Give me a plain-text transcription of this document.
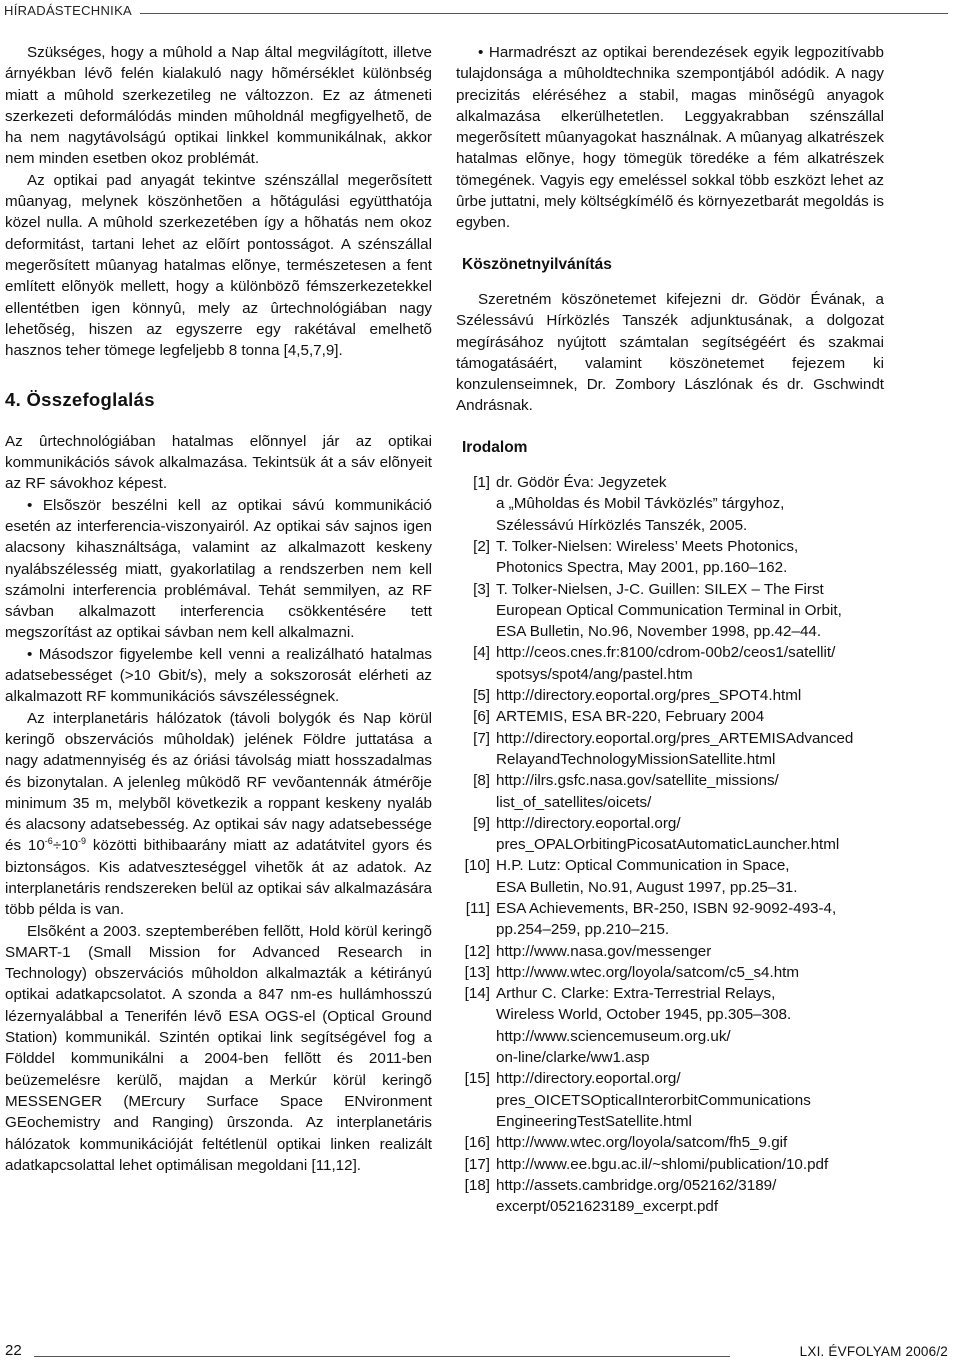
HÍRADÁSTECHNIKA

Szükséges, hogy a mûhold a Nap által megvilágított, illetve árnyékban lévõ felén kialakuló nagy hõmérséklet különbség miatt a mûhold szerkezetileg ne változzon. Ez az átmeneti szerkezeti deformálódás minden mûholdnál megfigyelhetõ, de ha nem nagytávolságú optikai linkkel kommunikálnak, akkor nem minden esetben okoz problémát.

Az optikai pad anyagát tekintve szénszállal megerõsített mûanyag, melynek köszönhetõen a hõtágulási együtthatója közel nulla. A mûhold szerkezetében így a hõhatás nem okoz deformitást, tartani lehet az elõírt pontosságot. A szénszállal megerõsített mûanyag hatalmas elõnye, természetesen a fent említett elõnyök mellett, hogy a különbözõ fémszerkezetekkel ellentétben igen könnyû, mely az ûrtechnológiában nagy lehetõség, hiszen az egyszerre egy rakétával emelhetõ hasznos teher tömege legfeljebb 8 tonna [4,5,7,9].

4. Összefoglalás

Az ûrtechnológiában hatalmas elõnnyel jár az optikai kommunikációs sávok alkalmazása. Tekintsük át a sáv elõnyeit az RF sávokhoz képest.

• Elsõször beszélni kell az optikai sávú kommunikáció esetén az interferencia-viszonyairól. Az optikai sáv sajnos igen alacsony kihasználtsága, valamint az alkalmazott keskeny nyalábszélesség miatt, gyakorlatilag a rendszerben nem kell számolni interferencia problémával. Tehát semmilyen, az RF sávban alkalmazott interferencia csökkentésére tett megszorítást az optikai sávban nem kell alkalmazni.

• Másodszor figyelembe kell venni a realizálható hatalmas adatsebességet (>10 Gbit/s), mely a sokszorosát elérheti az alkalmazott RF kommunikációs sávszélességnek.

Az interplanetáris hálózatok (távoli bolygók és Nap körül keringõ obszervációs mûholdak) jelének Földre juttatása a nagy adatmennyiség és az óriási távolság miatt hosszadalmas és bizonytalan. A jelenleg mûködõ RF vevõantennák átmérõje minimum 35 m, melybõl következik a roppant keskeny nyaláb és alacsony adatsebesség. Az optikai sáv nagy adatsebessége és $10^{-6}\div 10^{-9}$ közötti bithibaarány miatt az adatátvitel gyors és biztonságos. Kis adatveszteséggel vihetõk át az adatok. Az interplanetáris rendszereken belül az optikai sáv alkalmazására több példa is van.

Elsõként a 2003. szeptemberében fellõtt, Hold körül keringõ SMART-1 (Small Mission for Advanced Research in Technology) obszervációs mûholdon alkalmazták a kétirányú optikai adatkapcsolatot. A szonda a 847 nm-es hullámhosszú lézernyalábbal a Tenerifén lévõ ESA OGS-el (Optical Ground Station) kommunikál. Szintén optikai link segítségével fog a Földdel kommunikálni a 2004-ben fellõtt és 2011-ben beüzemelésre kerülõ, majdan a Merkúr körül keringõ MESSENGER (MErcury Surface Space ENvironment GEochemistry and Ranging) ûrszonda. Az interplanetáris hálózatok kommunikációját feltétlenül optikai linken realizált adatkapcsolattal lehet optimálisan megoldani [11,12].

• Harmadrészt az optikai berendezések egyik legpozitívabb tulajdonsága a mûholdtechnika szempontjából adódik. A nagy precizitás eléréséhez a stabil, magas minõségû anyagok alkalmazása elkerülhetetlen. Leggyakrabban szénszállal megerõsített mûanyagokat használnak. A mûanyag alkatrészek hatalmas elõnye, hogy tömegük töredéke a fém alkatrészek tömegének. Vagyis egy emeléssel sokkal több eszközt lehet az ûrbe juttatni, mely költségkímélõ és környezetbarát megoldás is egyben.

Köszönetnyilvánítás

Szeretném köszönetemet kifejezni dr. Gödör Évának, a Szélessávú Hírközlés Tanszék adjunktusának, a dolgozat megírásához nyújtott számtalan segítségéért és szakmai támogatásáért, valamint köszönetemet fejezem ki konzulenseimnek, Dr. Zombory Lászlónak és dr. Gschwindt Andrásnak.

Irodalom
[1] dr. Gödör Éva: Jegyzetek
a „Mûholdas és Mobil Távközlés” tárgyhoz,
Szélessávú Hírközlés Tanszék, 2005.
[2] T. Tolker-Nielsen: Wireless’ Meets Photonics,
Photonics Spectra, May 2001, pp.160–162.
[3] T. Tolker-Nielsen, J-C. Guillen: SILEX – The First
European Optical Communication Terminal in Orbit,
ESA Bulletin, No.96, November 1998, pp.42–44.
[4] http://ceos.cnes.fr:8100/cdrom-00b2/ceos1/satellit/
spotsys/spot4/ang/pastel.htm
[5] http://directory.eoportal.org/pres_SPOT4.html
[6] ARTEMIS, ESA BR-220, February 2004
[7] http://directory.eoportal.org/pres_ARTEMISAdvanced
RelayandTechnologyMissionSatellite.html
[8] http://ilrs.gsfc.nasa.gov/satellite_missions/
list_of_satellites/oicets/
[9] http://directory.eoportal.org/
pres_OPALOrbitingPicosatAutomaticLauncher.html
[10] H.P. Lutz: Optical Communication in Space,
ESA Bulletin, No.91, August 1997, pp.25–31.
[11] ESA Achievements, BR-250, ISBN 92-9092-493-4,
pp.254–259, pp.210–215.
[12] http://www.nasa.gov/messenger
[13] http://www.wtec.org/loyola/satcom/c5_s4.htm
[14] Arthur C. Clarke: Extra-Terrestrial Relays,
Wireless World, October 1945, pp.305–308.
http://www.sciencemuseum.org.uk/
on-line/clarke/ww1.asp
[15] http://directory.eoportal.org/
pres_OICETSOpticalInterorbitCommunications
EngineeringTestSatellite.html
[16] http://www.wtec.org/loyola/satcom/fh5_9.gif
[17] http://www.ee.bgu.ac.il/~shlomi/publication/10.pdf
[18] http://assets.cambridge.org/052162/3189/
excerpt/0521623189_excerpt.pdf
22	LXI. ÉVFOLYAM 2006/2
